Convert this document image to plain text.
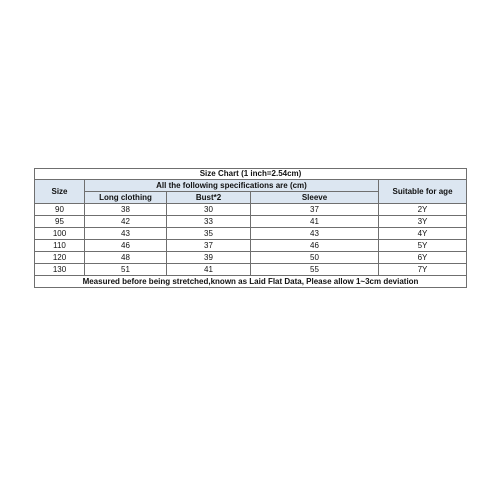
Size Chart (1 inch=2.54cm)				
Size	All the following specifications are (cm)			Suitable for age
	Long clothing	Bust*2	Sleeve	
90	38	30	37	2Y
95	42	33	41	3Y
100	43	35	43	4Y
110	46	37	46	5Y
120	48	39	50	6Y
130	51	41	55	7Y
Measured before being stretched,known as Laid Flat Data, Please allow 1~3cm deviation				
